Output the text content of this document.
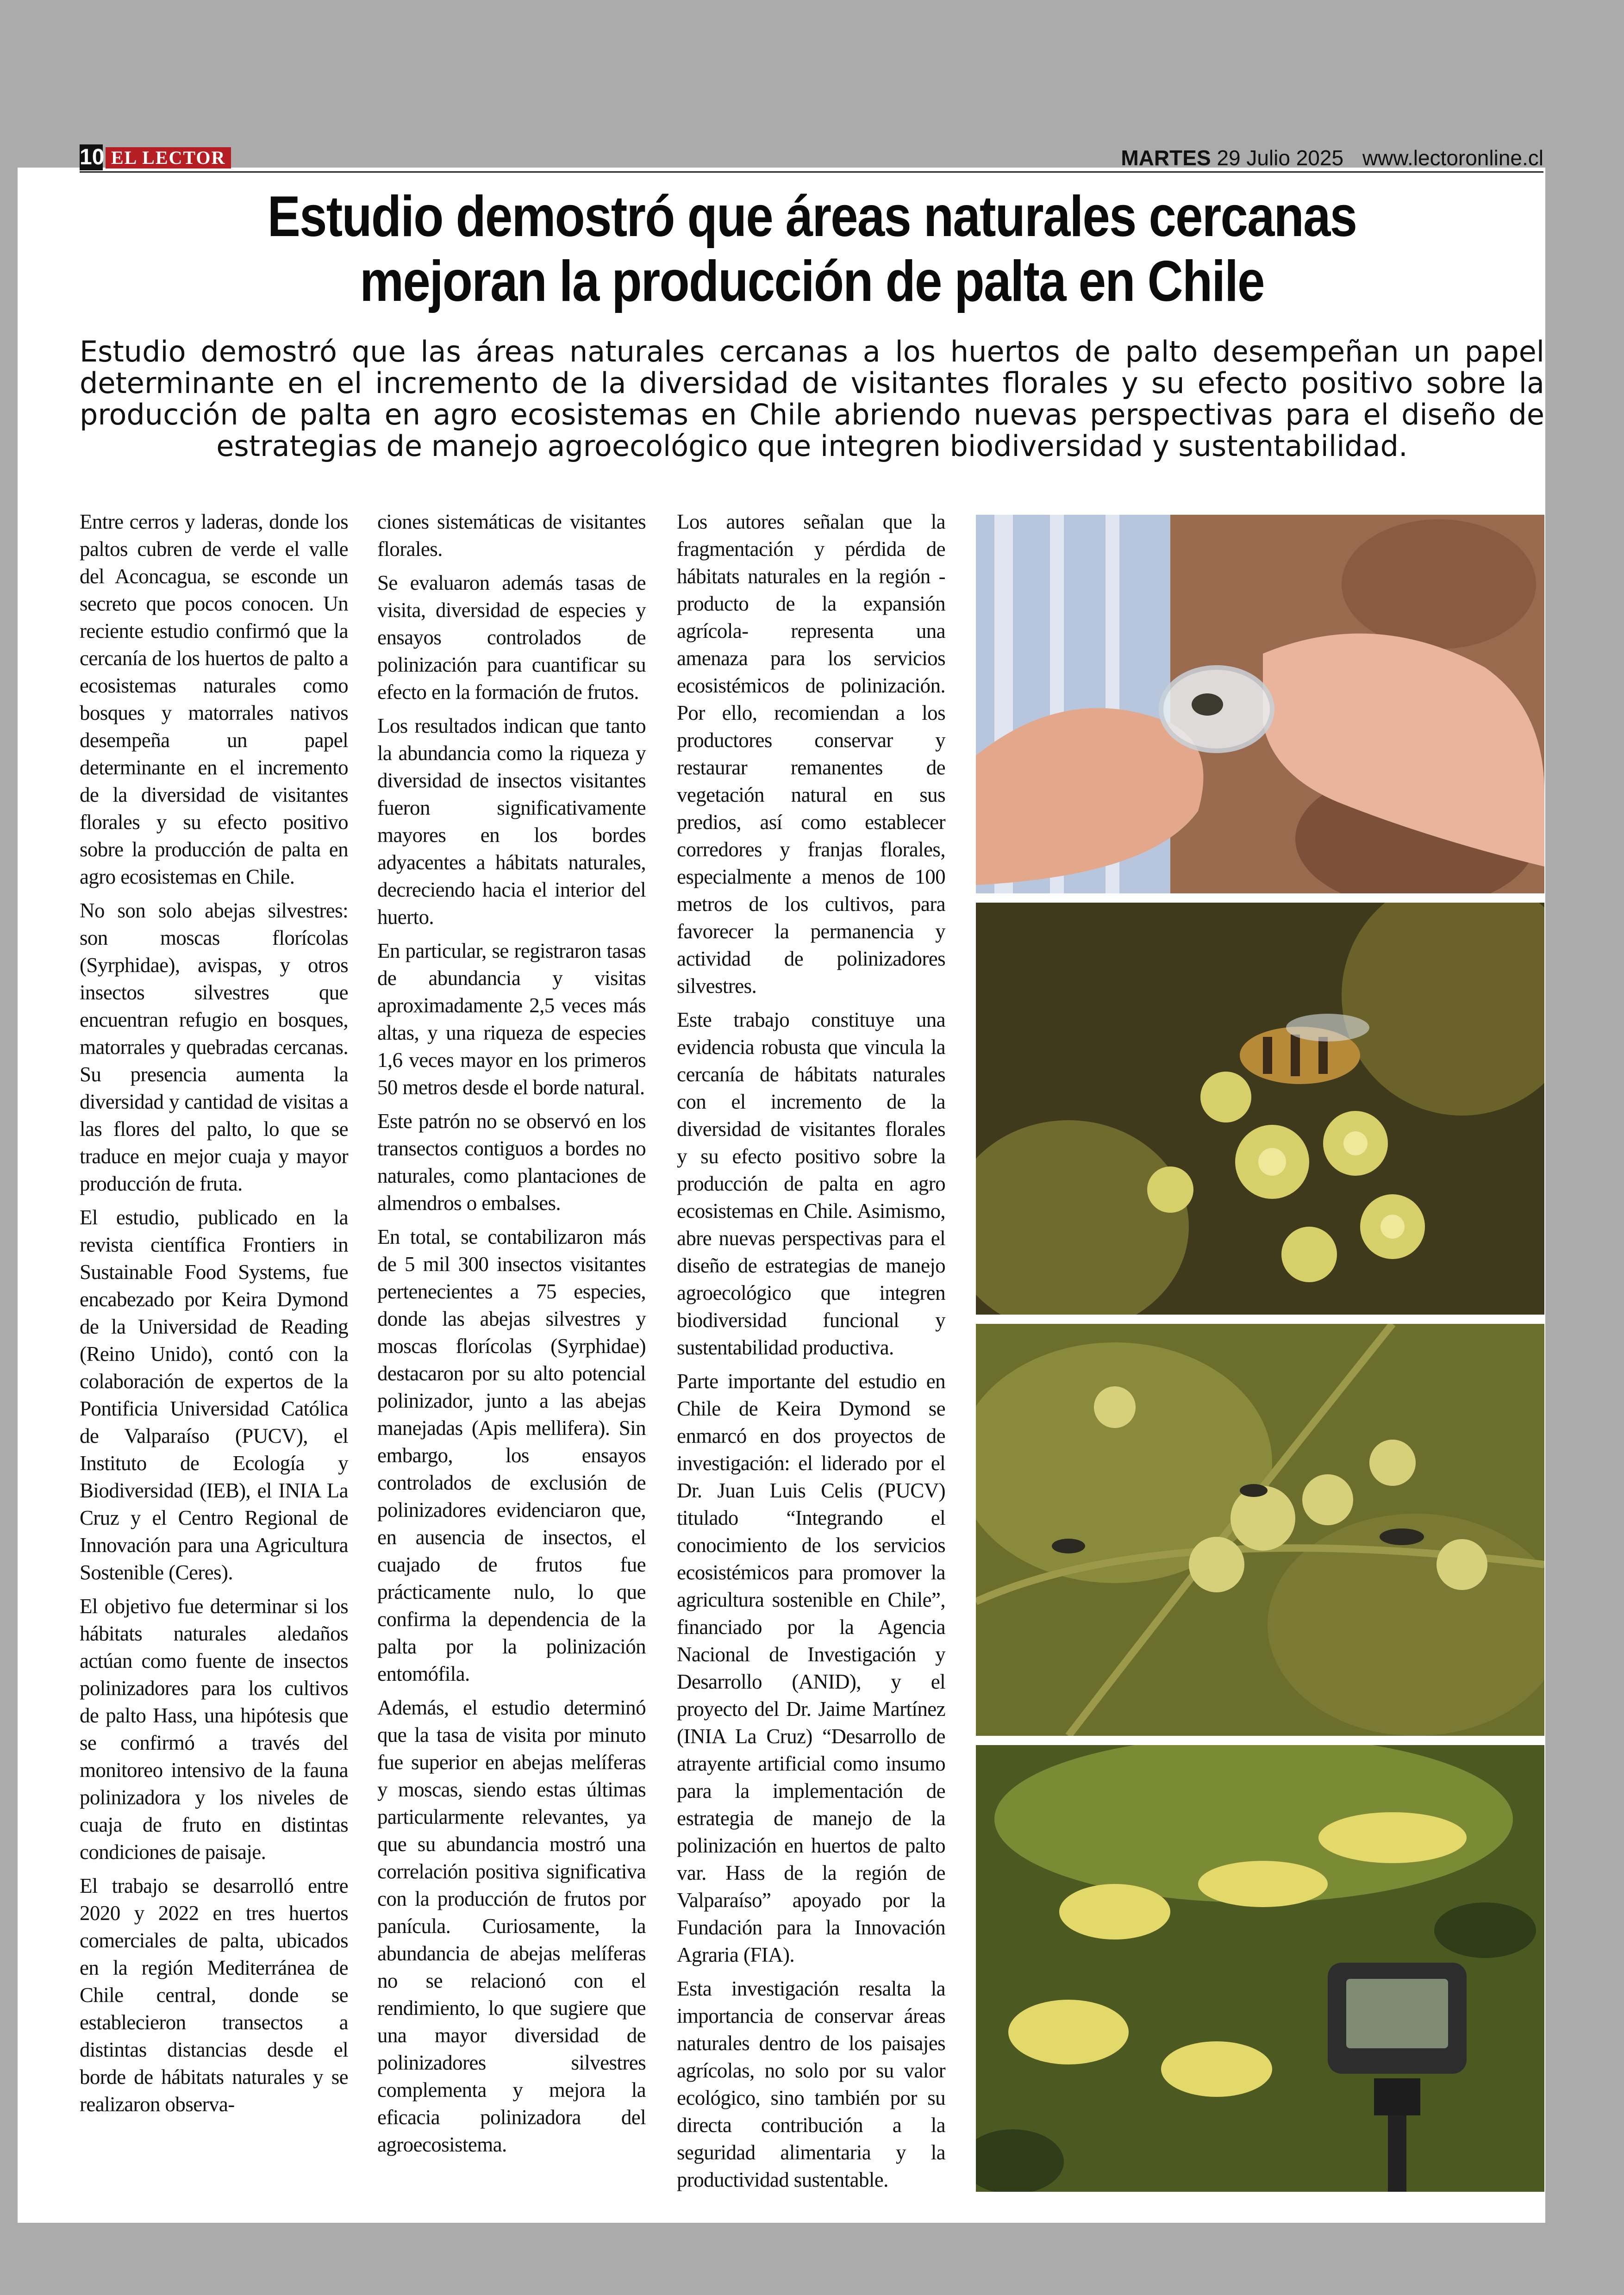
10 EL LECTOR	MARTES 29 Julio 2025 www.lectoronline.cl
Estudio demostró que áreas naturales cercanas mejoran la producción de palta en Chile
Estudio demostró que las áreas naturales cercanas a los huertos de palto desempeñan un papel determinante en el incremento de la diversidad de visitantes florales y su efecto positivo sobre la producción de palta en agro ecosistemas en Chile abriendo nuevas perspectivas para el diseño de estrategias de manejo agroecológico que integren biodiversidad y sustentabilidad.

Entre cerros y laderas, donde los paltos cubren de verde el valle del Aconcagua, se esconde un secreto que pocos conocen. Un reciente estudio confirmó que la cercanía de los huertos de palto a ecosistemas naturales como bosques y matorrales nativos desempeña un papel determinante en el incremento de la diversidad de visitantes florales y su efecto positivo sobre la producción de palta en agro ecosistemas en Chile.

No son solo abejas silvestres: son moscas florícolas (Syrphidae), avispas, y otros insectos silvestres que encuentran refugio en bosques, matorrales y quebradas cercanas. Su presencia aumenta la diversidad y cantidad de visitas a las flores del palto, lo que se traduce en mejor cuaja y mayor producción de fruta.

El estudio, publicado en la revista científica Frontiers in Sustainable Food Systems, fue encabezado por Keira Dymond de la Universidad de Reading (Reino Unido), contó con la colaboración de expertos de la Pontificia Universidad Católica de Valparaíso (PUCV), el Instituto de Ecología y Biodiversidad (IEB), el INIA La Cruz y el Centro Regional de Innovación para una Agricultura Sostenible (Ceres).

El objetivo fue determinar si los hábitats naturales aledaños actúan como fuente de insectos polinizadores para los cultivos de palto Hass, una hipótesis que se confirmó a través del monitoreo intensivo de la fauna polinizadora y los niveles de cuaja de fruto en distintas condiciones de paisaje.

El trabajo se desarrolló entre 2020 y 2022 en tres huertos comerciales de palta, ubicados en la región Mediterránea de Chile central, donde se establecieron transectos a distintas distancias desde el borde de hábitats naturales y se realizaron observa-

ciones sistemáticas de visitantes florales.

Se evaluaron además tasas de visita, diversidad de especies y ensayos controlados de polinización para cuantificar su efecto en la formación de frutos.

Los resultados indican que tanto la abundancia como la riqueza y diversidad de insectos visitantes fueron significativamente mayores en los bordes adyacentes a hábitats naturales, decreciendo hacia el interior del huerto.

En particular, se registraron tasas de abundancia y visitas aproximadamente 2,5 veces más altas, y una riqueza de especies 1,6 veces mayor en los primeros 50 metros desde el borde natural.

Este patrón no se observó en los transectos contiguos a bordes no naturales, como plantaciones de almendros o embalses.

En total, se contabilizaron más de 5 mil 300 insectos visitantes pertenecientes a 75 especies, donde las abejas silvestres y moscas florícolas (Syrphidae) destacaron por su alto potencial polinizador, junto a las abejas manejadas (Apis mellifera). Sin embargo, los ensayos controlados de exclusión de polinizadores evidenciaron que, en ausencia de insectos, el cuajado de frutos fue prácticamente nulo, lo que confirma la dependencia de la palta por la polinización entomófila.

Además, el estudio determinó que la tasa de visita por minuto fue superior en abejas melíferas y moscas, siendo estas últimas particularmente relevantes, ya que su abundancia mostró una correlación positiva significativa con la producción de frutos por panícula. Curiosamente, la abundancia de abejas melíferas no se relacionó con el rendimiento, lo que sugiere que una mayor diversidad de polinizadores silvestres complementa y mejora la eficacia polinizadora del agroecosistema.

Los autores señalan que la fragmentación y pérdida de hábitats naturales en la región -producto de la expansión agrícola- representa una amenaza para los servicios ecosistémicos de polinización. Por ello, recomiendan a los productores conservar y restaurar remanentes de vegetación natural en sus predios, así como establecer corredores y franjas florales, especialmente a menos de 100 metros de los cultivos, para favorecer la permanencia y actividad de polinizadores silvestres.

Este trabajo constituye una evidencia robusta que vincula la cercanía de hábitats naturales con el incremento de la diversidad de visitantes florales y su efecto positivo sobre la producción de palta en agro ecosistemas en Chile. Asimismo, abre nuevas perspectivas para el diseño de estrategias de manejo agroecológico que integren biodiversidad funcional y sustentabilidad productiva.

Parte importante del estudio en Chile de Keira Dymond se enmarcó en dos proyectos de investigación: el liderado por el Dr. Juan Luis Celis (PUCV) titulado “Integrando el conocimiento de los servicios ecosistémicos para promover la agricultura sostenible en Chile”, financiado por la Agencia Nacional de Investigación y Desarrollo (ANID), y el proyecto del Dr. Jaime Martínez (INIA La Cruz) “Desarrollo de atrayente artificial como insumo para la implementación de estrategia de manejo de la polinización en huertos de palto var. Hass de la región de Valparaíso” apoyado por la Fundación para la Innovación Agraria (FIA).

Esta investigación resalta la importancia de conservar áreas naturales dentro de los paisajes agrícolas, no solo por su valor ecológico, sino también por su directa contribución a la seguridad alimentaria y la productividad sustentable.
